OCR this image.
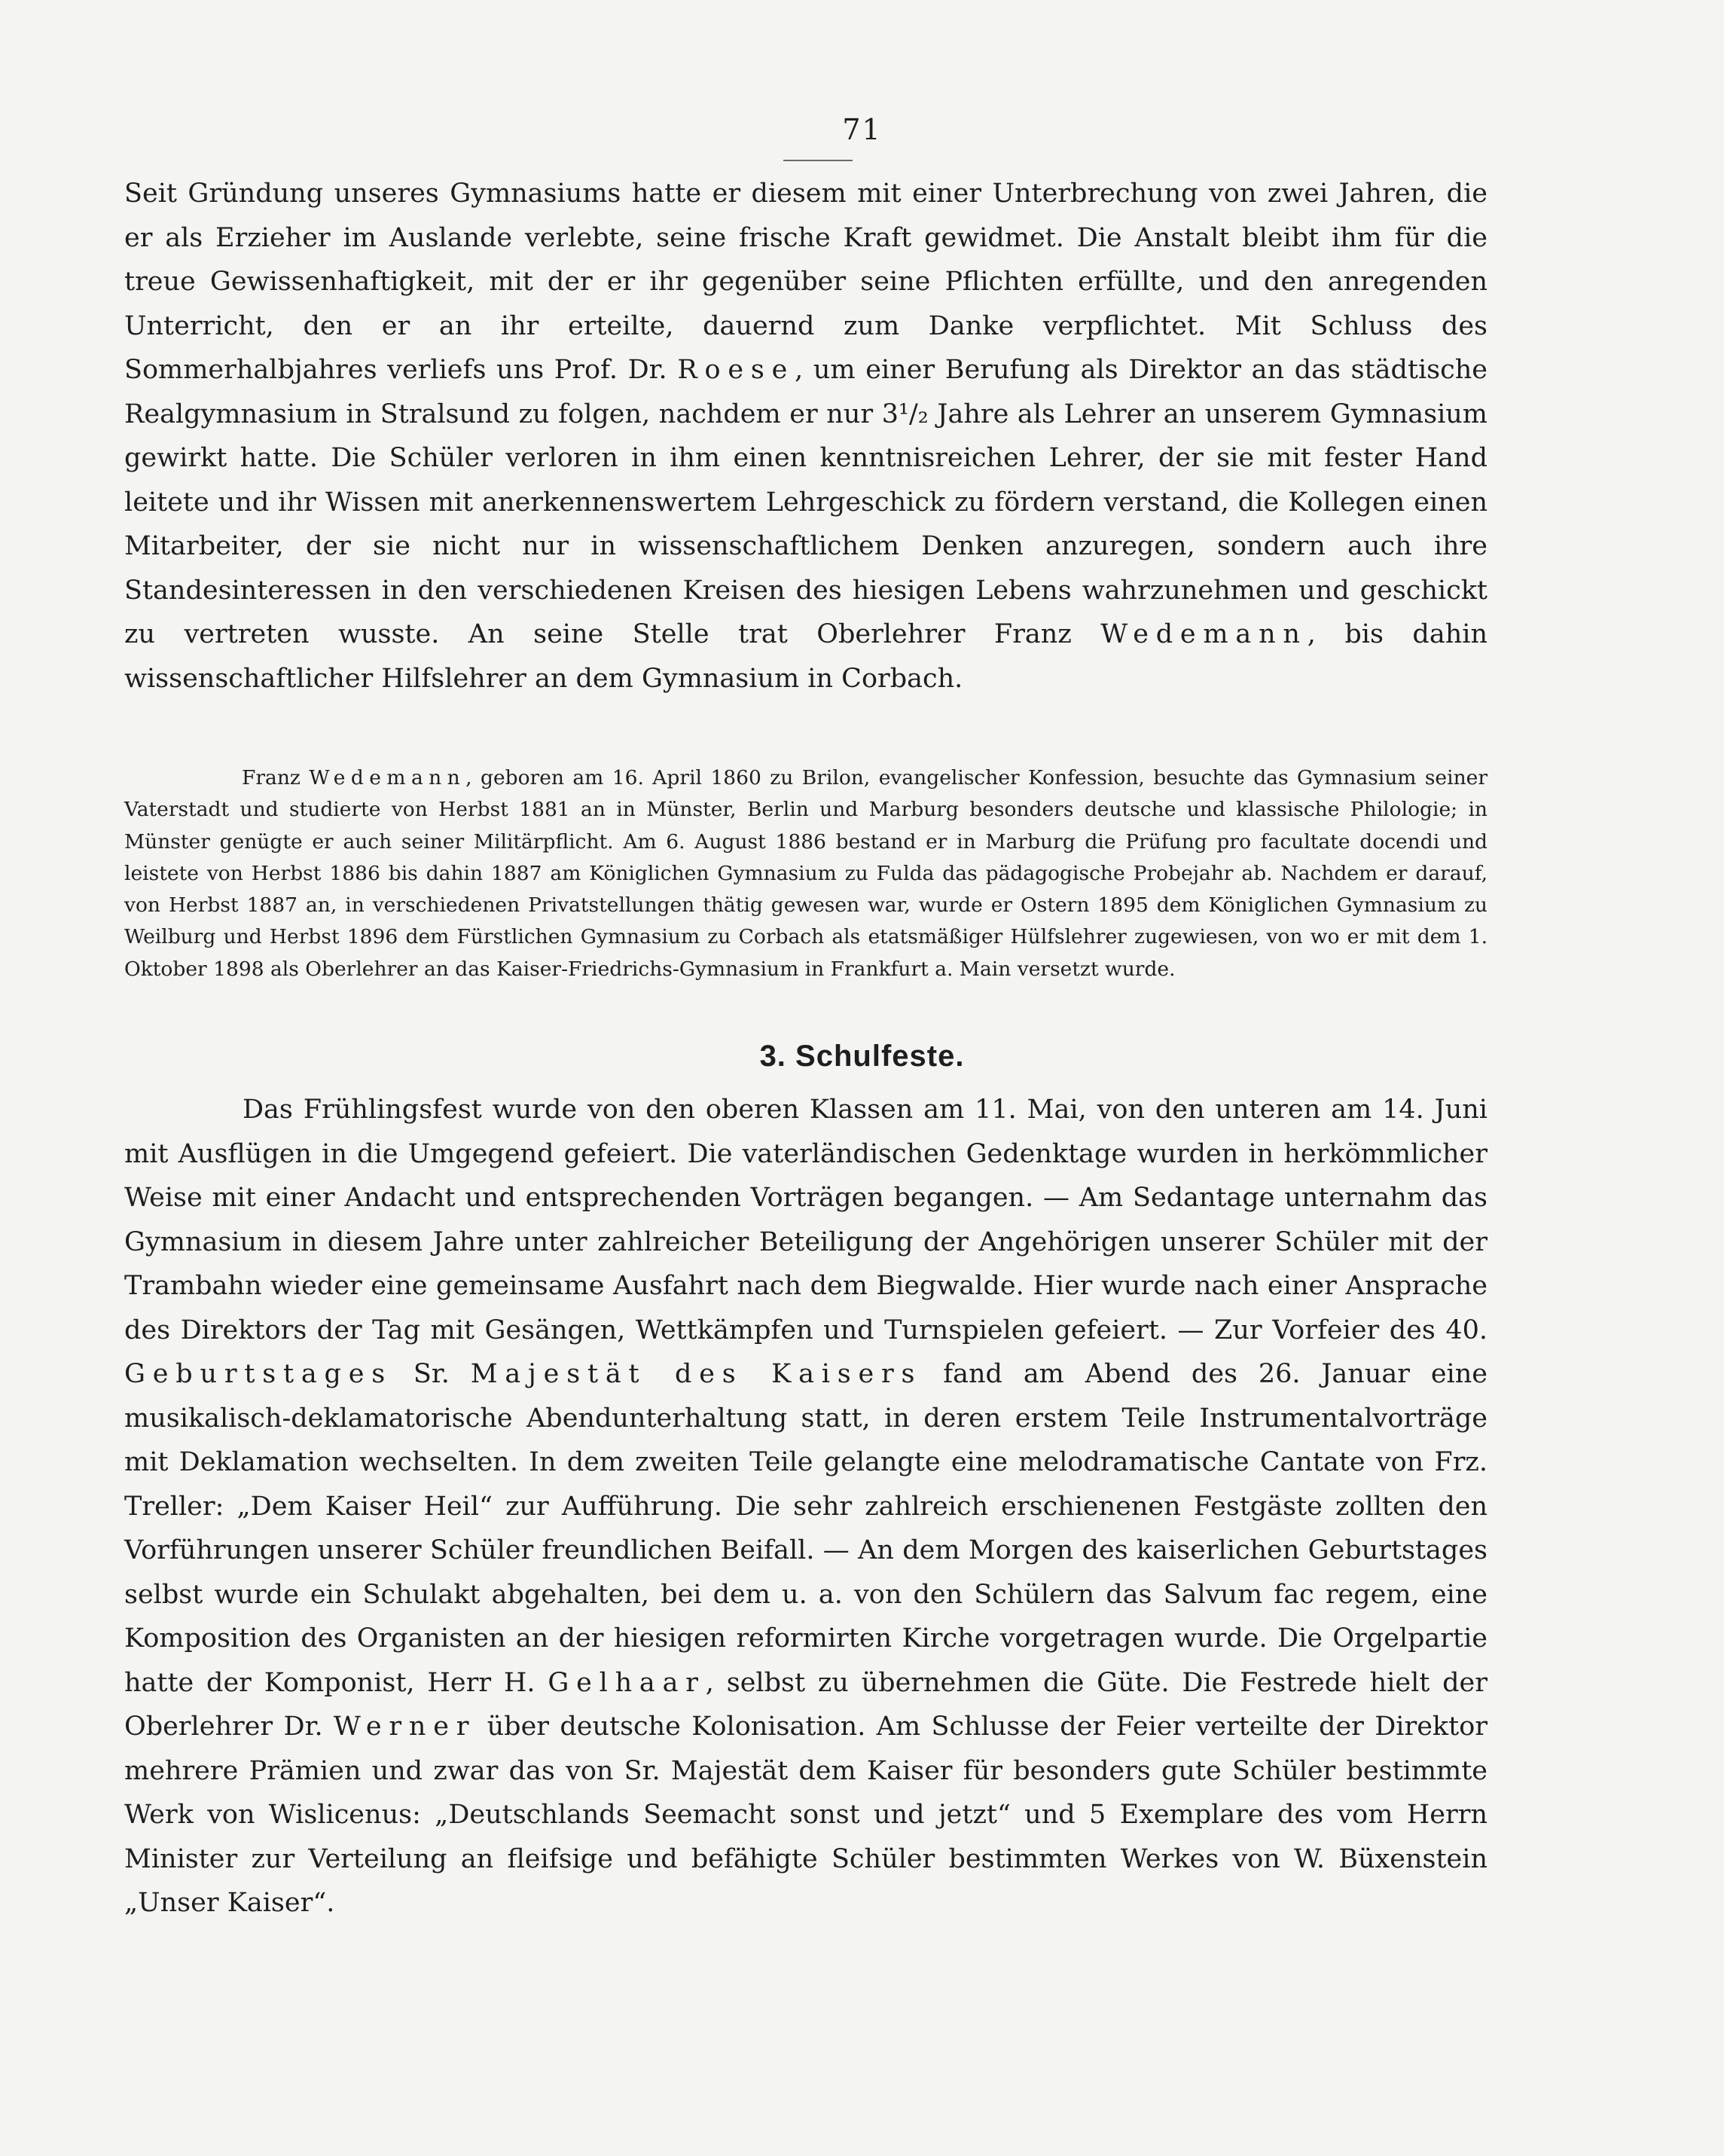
71

Seit Gründung unseres Gymnasiums hatte er diesem mit einer Unterbrechung von zwei Jahren, die er als Erzieher im Auslande verlebte, seine frische Kraft gewidmet. Die Anstalt bleibt ihm für die treue Gewissenhaftigkeit, mit der er ihr gegenüber seine Pflichten erfüllte, und den anregenden Unterricht, den er an ihr erteilte, dauernd zum Danke verpflichtet. Mit Schluss des Sommerhalbjahres verliefs uns Prof. Dr. Roese, um einer Berufung als Direktor an das städtische Realgymnasium in Stralsund zu folgen, nachdem er nur 3¹/₂ Jahre als Lehrer an unserem Gymnasium gewirkt hatte. Die Schüler verloren in ihm einen kenntnisreichen Lehrer, der sie mit fester Hand leitete und ihr Wissen mit anerkennenswertem Lehrgeschick zu fördern verstand, die Kollegen einen Mitarbeiter, der sie nicht nur in wissenschaftlichem Denken anzuregen, sondern auch ihre Standesinteressen in den verschiedenen Kreisen des hiesigen Lebens wahrzunehmen und geschickt zu vertreten wusste. An seine Stelle trat Oberlehrer Franz Wedemann, bis dahin wissenschaftlicher Hilfslehrer an dem Gymnasium in Corbach.

Franz Wedemann, geboren am 16. April 1860 zu Brilon, evangelischer Konfession, besuchte das Gymnasium seiner Vaterstadt und studierte von Herbst 1881 an in Münster, Berlin und Marburg besonders deutsche und klassische Philologie; in Münster genügte er auch seiner Militärpflicht. Am 6. August 1886 bestand er in Marburg die Prüfung pro facultate docendi und leistete von Herbst 1886 bis dahin 1887 am Königlichen Gymnasium zu Fulda das pädagogische Probejahr ab. Nachdem er darauf, von Herbst 1887 an, in verschiedenen Privatstellungen thätig gewesen war, wurde er Ostern 1895 dem Königlichen Gymnasium zu Weilburg und Herbst 1896 dem Fürstlichen Gymnasium zu Corbach als etatsmäßiger Hülfslehrer zugewiesen, von wo er mit dem 1. Oktober 1898 als Oberlehrer an das Kaiser-Friedrichs-Gymnasium in Frankfurt a. Main versetzt wurde.

3. Schulfeste.

Das Frühlingsfest wurde von den oberen Klassen am 11. Mai, von den unteren am 14. Juni mit Ausflügen in die Umgegend gefeiert. Die vaterländischen Gedenktage wurden in herkömmlicher Weise mit einer Andacht und entsprechenden Vorträgen begangen. — Am Sedantage unternahm das Gymnasium in diesem Jahre unter zahlreicher Beteiligung der Angehörigen unserer Schüler mit der Trambahn wieder eine gemeinsame Ausfahrt nach dem Biegwalde. Hier wurde nach einer Ansprache des Direktors der Tag mit Gesängen, Wettkämpfen und Turnspielen gefeiert. — Zur Vorfeier des 40. Geburtstages Sr. Majestät des Kaisers fand am Abend des 26. Januar eine musikalisch-deklamatorische Abendunterhaltung statt, in deren erstem Teile Instrumentalvorträge mit Deklamation wechselten. In dem zweiten Teile gelangte eine melodramatische Cantate von Frz. Treller: „Dem Kaiser Heil“ zur Aufführung. Die sehr zahlreich erschienenen Festgäste zollten den Vorführungen unserer Schüler freundlichen Beifall. — An dem Morgen des kaiserlichen Geburtstages selbst wurde ein Schulakt abgehalten, bei dem u. a. von den Schülern das Salvum fac regem, eine Komposition des Organisten an der hiesigen reformirten Kirche vorgetragen wurde. Die Orgelpartie hatte der Komponist, Herr H. Gelhaar, selbst zu übernehmen die Güte. Die Festrede hielt der Oberlehrer Dr. Werner über deutsche Kolonisation. Am Schlusse der Feier verteilte der Direktor mehrere Prämien und zwar das von Sr. Majestät dem Kaiser für besonders gute Schüler bestimmte Werk von Wislicenus: „Deutschlands Seemacht sonst und jetzt“ und 5 Exemplare des vom Herrn Minister zur Verteilung an fleifsige und befähigte Schüler bestimmten Werkes von W. Büxenstein „Unser Kaiser“.
